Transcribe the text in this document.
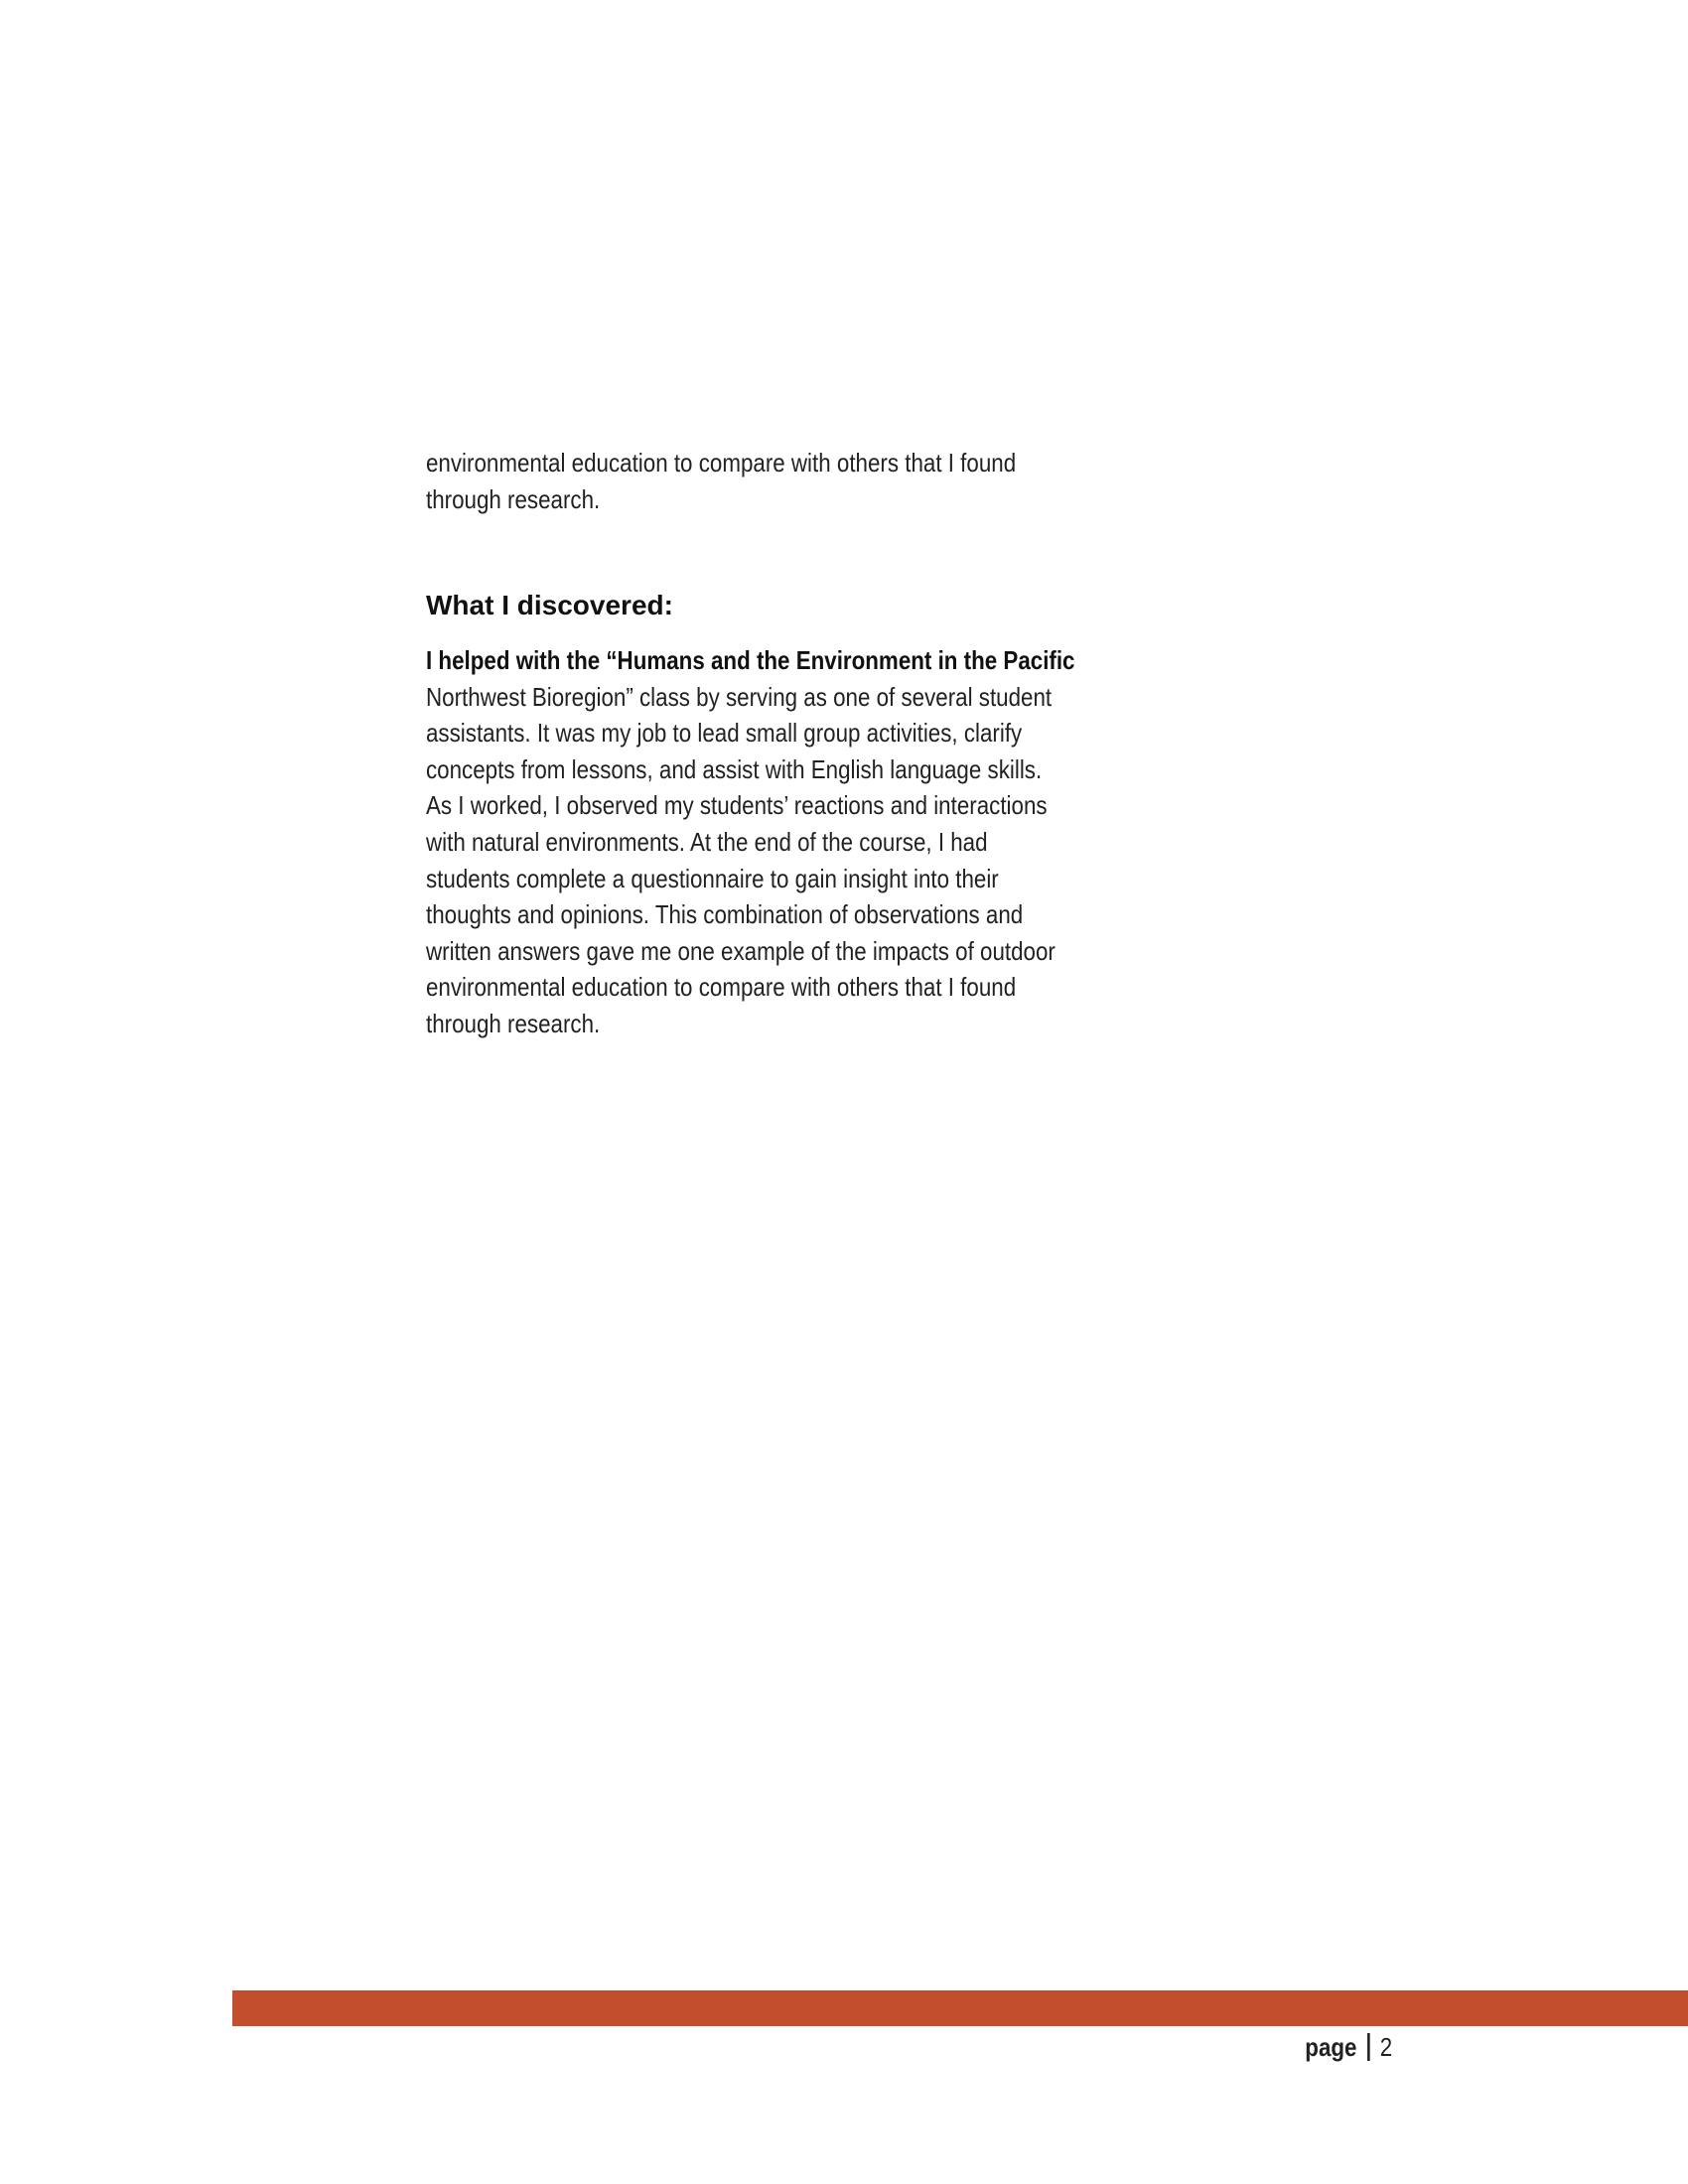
environmental education to compare with others that I found
through research.
What I discovered:
I helped with the “Humans and the Environment in the Pacific
Northwest Bioregion” class by serving as one of several student
assistants. It was my job to lead small group activities, clarify
concepts from lessons, and assist with English language skills.
As I worked, I observed my students’ reactions and interactions
with natural environments. At the end of the course, I had
students complete a questionnaire to gain insight into their
thoughts and opinions. This combination of observations and
written answers gave me one example of the impacts of outdoor
environmental education to compare with others that I found
through research.
page 2
